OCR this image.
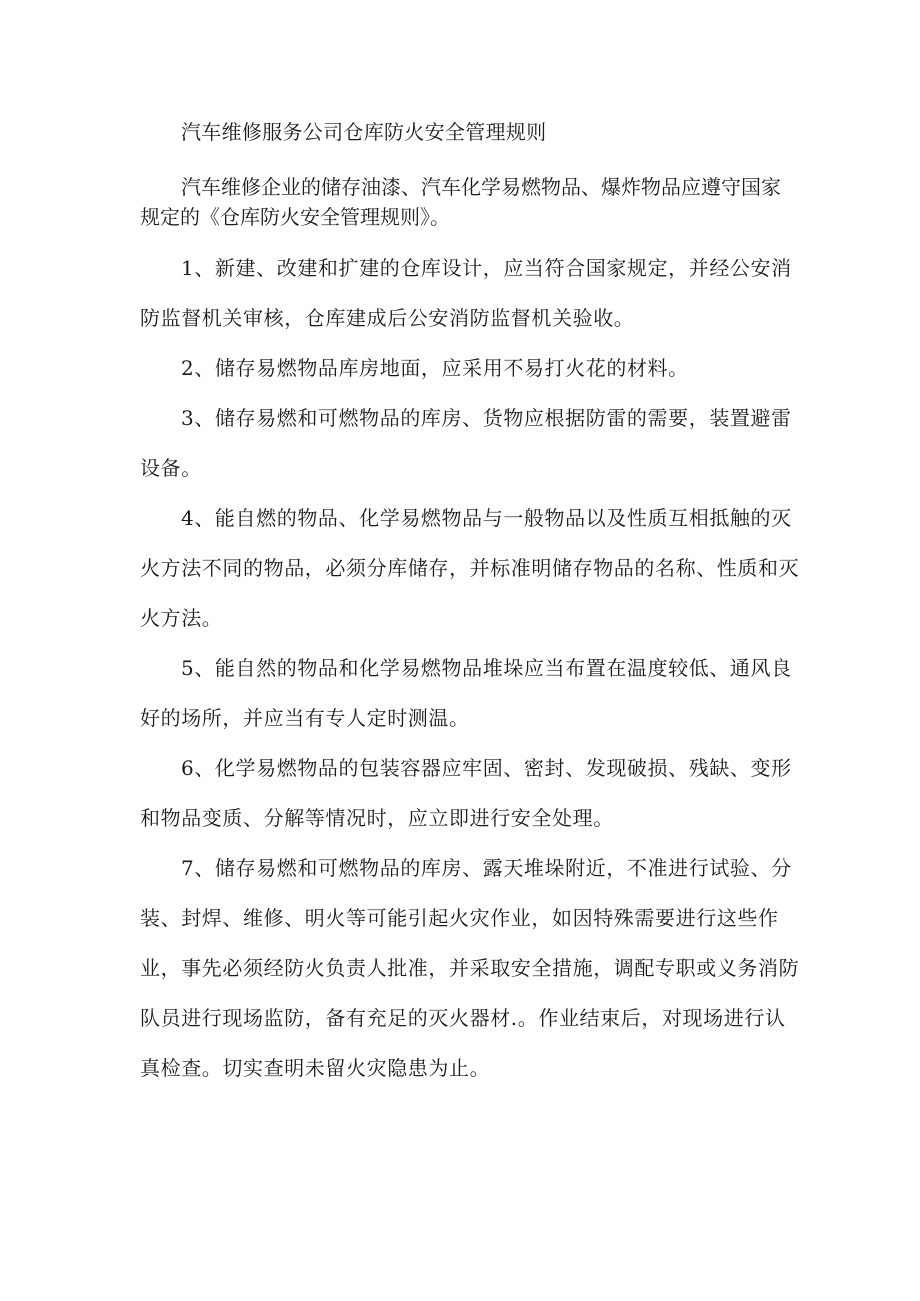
汽车维修服务公司仓库防火安全管理规则

汽车维修企业的储存油漆、汽车化学易燃物品、爆炸物品应遵守国家规定的《仓库防火安全管理规则》。

1、新建、改建和扩建的仓库设计，应当符合国家规定，并经公安消防监督机关审核，仓库建成后公安消防监督机关验收。

2、储存易燃物品库房地面，应采用不易打火花的材料。

3、储存易燃和可燃物品的库房、货物应根据防雷的需要，装置避雷设备。

4、能自燃的物品、化学易燃物品与一般物品以及性质互相抵触的灭火方法不同的物品，必须分库储存，并标准明储存物品的名称、性质和灭火方法。

5、能自然的物品和化学易燃物品堆垛应当布置在温度较低、通风良好的场所，并应当有专人定时测温。

6、化学易燃物品的包装容器应牢固、密封、发现破损、残缺、变形和物品变质、分解等情况时，应立即进行安全处理。

7、储存易燃和可燃物品的库房、露天堆垛附近，不准进行试验、分装、封焊、维修、明火等可能引起火灾作业，如因特殊需要进行这些作业，事先必须经防火负责人批准，并采取安全措施，调配专职或义务消防队员进行现场监防，备有充足的灭火器材.。作业结束后，对现场进行认真检查。切实查明未留火灾隐患为止。
